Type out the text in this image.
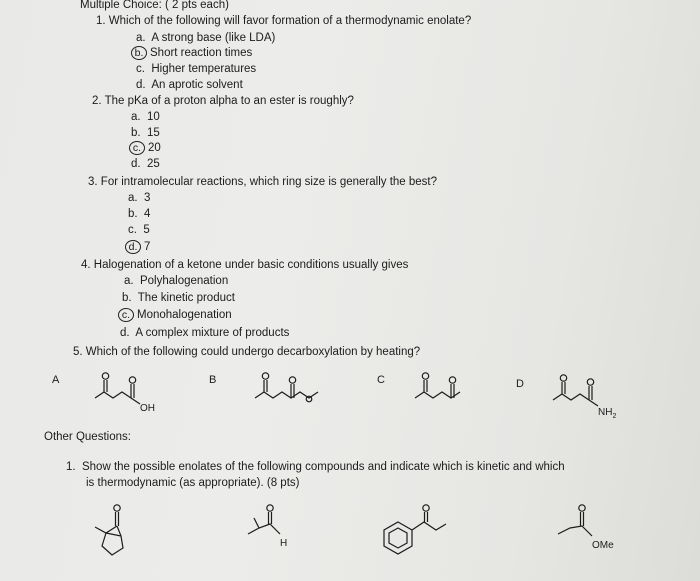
Multiple Choice: ( 2 pts each)
1. Which of the following will favor formation of a thermodynamic enolate?
a. A strong base (like LDA)
b. Short reaction times
c. Higher temperatures
d. An aprotic solvent
2. The pKa of a proton alpha to an ester is roughly?
a. 10
b. 15
c. 20
d. 25
3. For intramolecular reactions, which ring size is generally the best?
a. 3
b. 4
c. 5
d. 7
4. Halogenation of a ketone under basic conditions usually gives
a. Polyhalogenation
b. The kinetic product
c. Monohalogenation
d. A complex mixture of products
5. Which of the following could undergo decarboxylation by heating?
A	B	C	D
OH	$NH_2$
Other Questions:
1. Show the possible enolates of the following compounds and indicate which is kinetic and which
is thermodynamic (as appropriate). (8 pts)
H	OMe
